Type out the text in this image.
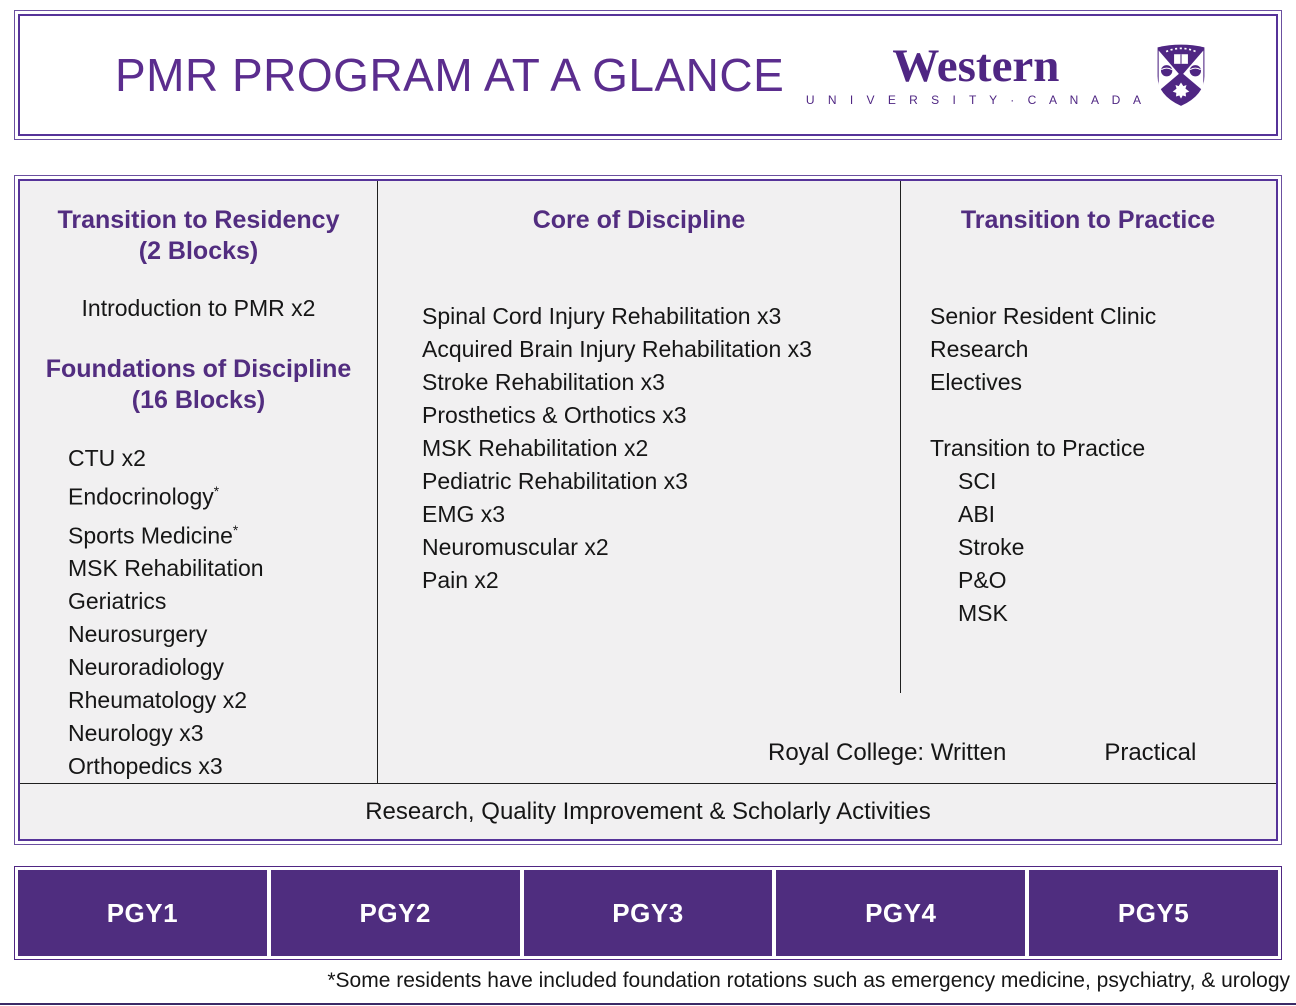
PMR PROGRAM AT A GLANCE	Western
U N I V E R S I T Y · C A N A D A
Transition to Residency
(2 Blocks)
Introduction to PMR x2
Foundations of Discipline
(16 Blocks)
CTU x2
Endocrinology*
Sports Medicine*
MSK Rehabilitation
Geriatrics
Neurosurgery
Neuroradiology
Rheumatology x2
Neurology x3
Orthopedics x3
Core of Discipline
Spinal Cord Injury Rehabilitation x3
Acquired Brain Injury Rehabilitation x3
Stroke Rehabilitation x3
Prosthetics & Orthotics x3
MSK Rehabilitation x2
Pediatric Rehabilitation x3
EMG x3
Neuromuscular x2
Pain x2
Transition to Practice
Senior Resident Clinic
Research
Electives
Transition to Practice
SCI
ABI
Stroke
P&O
MSK
Royal College: Written	Practical
Research, Quality Improvement & Scholarly Activities
PGY1	PGY2	PGY3	PGY4	PGY5
*Some residents have included foundation rotations such as emergency medicine, psychiatry, & urology
